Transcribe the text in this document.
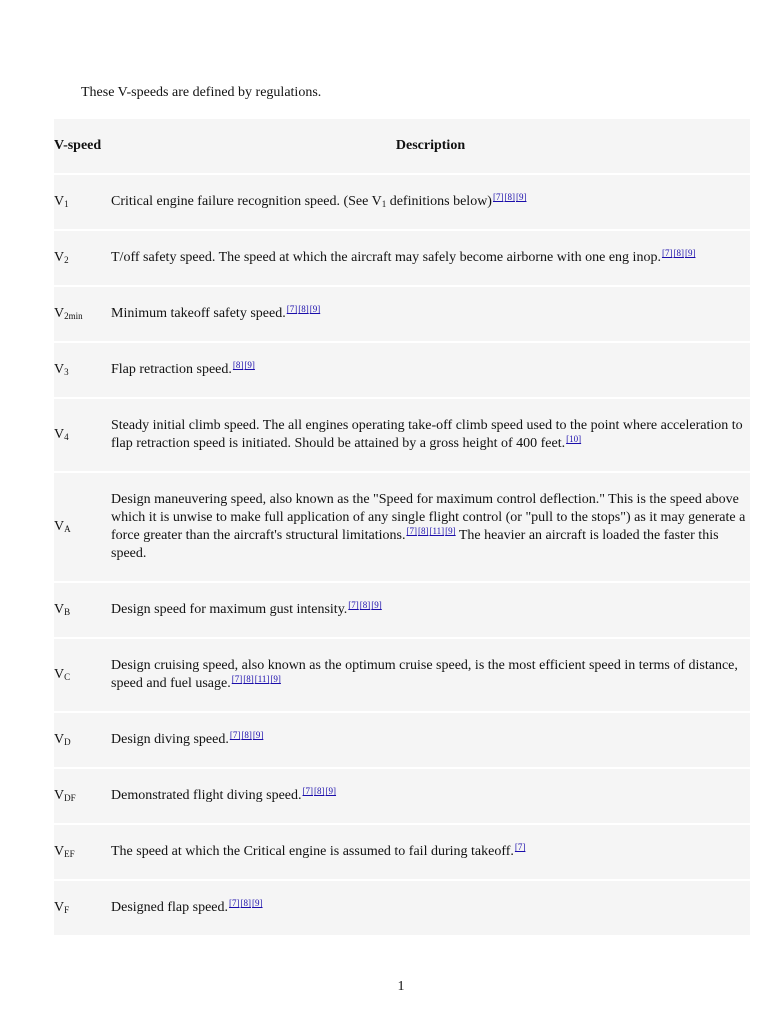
These V-speeds are defined by regulations.
V-speed	Description
$V_1$	Critical engine failure recognition speed. (See $V_1$ definitions below)[7][8][9]
$V_2$	T/off safety speed. The speed at which the aircraft may safely become airborne with one eng inop.[7][8][9]
$V_{2min}$	Minimum takeoff safety speed.[7][8][9]
$V_3$	Flap retraction speed.[8][9]
$V_4$	Steady initial climb speed. The all engines operating take-off climb speed used to the point where acceleration to flap retraction speed is initiated. Should be attained by a gross height of 400 feet.[10]
$V_A$	Design maneuvering speed, also known as the "Speed for maximum control deflection." This is the speed above which it is unwise to make full application of any single flight control (or "pull to the stops") as it may generate a force greater than the aircraft's structural limitations.[7][8][11][9] The heavier an aircraft is loaded the faster this speed.
$V_B$	Design speed for maximum gust intensity.[7][8][9]
$V_C$	Design cruising speed, also known as the optimum cruise speed, is the most efficient speed in terms of distance, speed and fuel usage.[7][8][11][9]
$V_D$	Design diving speed.[7][8][9]
$V_{DF}$	Demonstrated flight diving speed.[7][8][9]
$V_{EF}$	The speed at which the Critical engine is assumed to fail during takeoff.[7]
$V_F$	Designed flap speed.[7][8][9]
1
